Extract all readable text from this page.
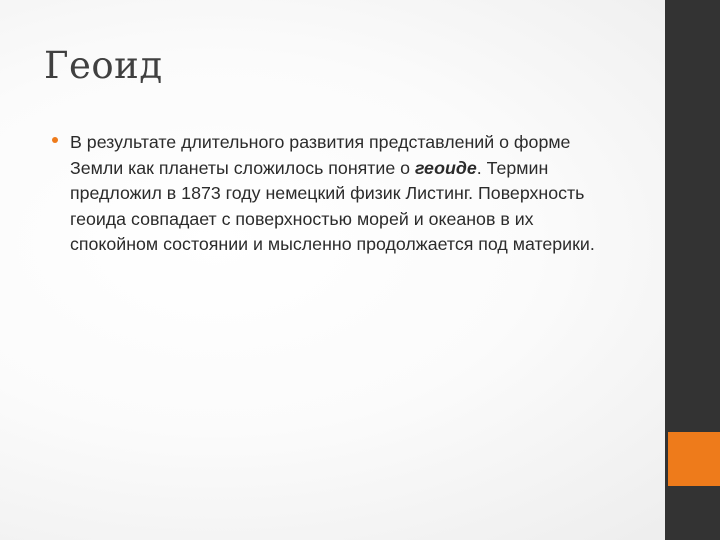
Геоид
В результате длительного развития представлений о форме Земли как планеты сложилось понятие о геоиде. Термин предложил в 1873 году немецкий физик Листинг. Поверхность геоида совпадает с поверхностью морей и океанов в их спокойном состоянии и мысленно продолжается под материки.
